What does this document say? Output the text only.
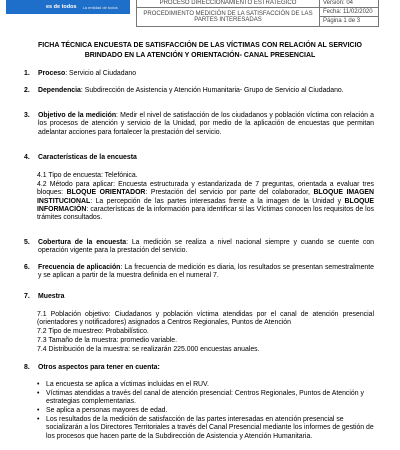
es de todos La entidad de todos
PROCESO DIRECCIONAMIENTO ESTRATEGICO
PROCEDIMIENTO MEDICIÓN DE LA SATISFACCIÓN DE LAS PARTES INTERESADAS
Versión: 04
Fecha: 11/02/2020
Página 1 de 3
FICHA TÉCNICA ENCUESTA DE SATISFACCIÓN DE LAS VÍCTIMAS CON RELACIÓN AL SERVICIO BRINDADO EN LA ATENCIÓN Y ORIENTACIÓN- CANAL PRESENCIAL
1. Proceso: Servicio al Ciudadano
2. Dependencia: Subdirección de Asistencia y Atención Humanitaria- Grupo de Servicio al Ciudadano.
3. Objetivo de la medición: Medir el nivel de satisfacción de los ciudadanos y población víctima con relación a los procesos de atención y servicio de la Unidad, por medio de la aplicación de encuestas que permitan adelantar acciones para fortalecer la prestación del servicio.
4. Características de la encuesta
4.1 Tipo de encuesta: Telefónica.
4.2 Método para aplicar: Encuesta estructurada y estandarizada de 7 preguntas, orientada a evaluar tres bloques: BLOQUE ORIENTADOR: Prestación del servicio por parte del colaborador, BLOQUE IMAGEN INSTITUCIONAL: La percepción de las partes interesadas frente a la imagen de la Unidad y BLOQUE INFORMACIÓN: características de la información para identificar si las Víctimas conocen los requisitos de los trámites consultados.
5. Cobertura de la encuesta: La medición se realiza a nivel nacional siempre y cuando se cuente con operación vigente para la prestación del servicio.
6. Frecuencia de aplicación: La frecuencia de medición es diaria, los resultados se presentan semestralmente y se aplican a partir de la muestra definida en el numeral 7.
7. Muestra
7.1 Población objetivo: Ciudadanos y población víctima atendidas por el canal de atención presencial (orientadores y notificadores) asignados a Centros Regionales, Puntos de Atención
7.2 Tipo de muestreo: Probabilístico.
7.3 Tamaño de la muestra: promedio variable.
7.4 Distribución de la muestra: se realizarán 225.000 encuestas anuales.
8. Otros aspectos para tener en cuenta:
• La encuesta se aplica a víctimas incluidas en el RUV.
• Víctimas atendidas a través del canal de atención presencial: Centros Regionales, Puntos de Atención y estrategias complementarias.
• Se aplica a personas mayores de edad.
• Los resultados de la medición de satisfacción de las partes interesadas en atención presencial se socializarán a los Directores Territoriales a través del Canal Presencial mediante los informes de gestión de los procesos que hacen parte de la Subdirección de Asistencia y Atención Humanitaria.
